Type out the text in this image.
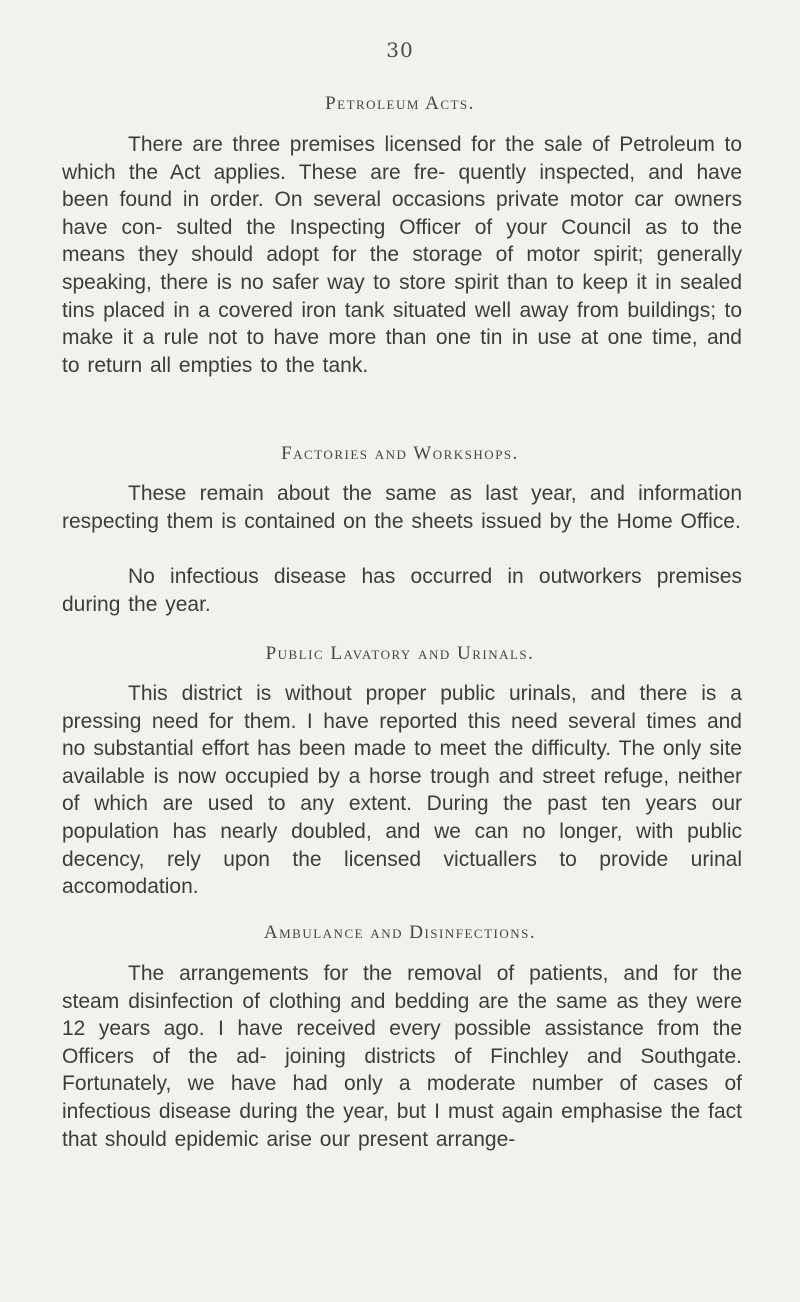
30
Petroleum Acts.
There are three premises licensed for the sale of Petroleum to which the Act applies. These are fre- quently inspected, and have been found in order. On several occasions private motor car owners have con- sulted the Inspecting Officer of your Council as to the means they should adopt for the storage of motor spirit; generally speaking, there is no safer way to store spirit than to keep it in sealed tins placed in a covered iron tank situated well away from buildings; to make it a rule not to have more than one tin in use at one time, and to return all empties to the tank.
Factories and Workshops.
These remain about the same as last year, and information respecting them is contained on the sheets issued by the Home Office.
No infectious disease has occurred in outworkers premises during the year.
Public Lavatory and Urinals.
This district is without proper public urinals, and there is a pressing need for them. I have reported this need several times and no substantial effort has been made to meet the difficulty. The only site available is now occupied by a horse trough and street refuge, neither of which are used to any extent. During the past ten years our population has nearly doubled, and we can no longer, with public decency, rely upon the licensed victuallers to provide urinal accomodation.
Ambulance and Disinfections.
The arrangements for the removal of patients, and for the steam disinfection of clothing and bedding are the same as they were 12 years ago. I have received every possible assistance from the Officers of the ad- joining districts of Finchley and Southgate. Fortunately, we have had only a moderate number of cases of infectious disease during the year, but I must again emphasise the fact that should epidemic arise our present arrange-
